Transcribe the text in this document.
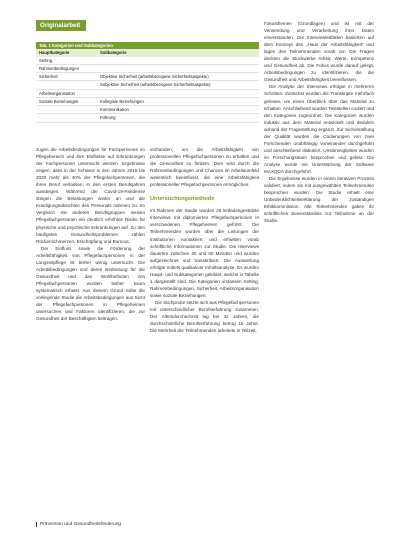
Originalarbeit
Tab. 1 Kategorien und Subkategorien
Hauptkategorie	Subkategorie
Setting	
Rahmenbedingungen	
Sicherheit	Objektive Sicherheit (arbeitsbezogene Sicherheitsaspekte)
	Subjektive Sicherheit (arbeitsbezogene Sicherheitsaspekte)
Arbeitsorganisation	
Soziale Beziehungen	Kollegiale Beziehungen
	Kommunikation
	Führung

zugen die Arbeitsbedingungen für Fachpersonen im Pflegebereich und ihre Einflüsse auf Erkrankungen der Fachpersonen untersucht werden. Ergebnisse zeigen, dass in der Schweiz in den Jahren 2015 bis 2020 mehr als 40% der Pflegefachpersonen, die ihren Beruf verlassen, in den ersten Berufsjahren aussteigen. Während der Covid-19-Pandemie stiegen die Belastungen weiter an und die Kündigungsabsichten des Personals nahmen zu. Im Vergleich mit anderen Berufsgruppen weisen Pflegefachpersonen ein deutlich erhöhtes Risiko für physische und psychische Erkrankungen auf. Zu den häufigsten Gesundheitsproblemen zählen Rückenschmerzen, Erschöpfung und Burnout.

Der Einfluss sowie die Förderung der Arbeitsfähigkeit von Pflegefachpersonen in der Langzeitpflege ist bisher wenig untersucht. Die Arbeitsbedingungen und deren Bedeutung für die Gesundheit und das Wohlbefinden von Pflegefachpersonen wurden bisher kaum systematisch erfasst. Aus diesem Grund sollte die vorliegende Studie die Arbeitsbedingungen aus Sicht der Pflegefachpersonen in Pflegeheimen untersuchen und Faktoren identifizieren, die zur Gesundheit der Beschäftigten beitragen.

vorhanden, um die Arbeitsfähigkeit von professionellen Pflegefachpersonen zu erhalten und die Gesundheit zu fördern. Dies wird durch die Rahmenbedingungen und Chancen im Arbeitsumfeld wesentlich beeinflusst, die eine Arbeitsfähigkeit professioneller Pflegefachpersonen ermöglichen.

Untersuchungsmethode

Im Rahmen der Studie wurden 25 leitfadengestützte Interviews mit diplomierten Pflegefachpersonen in verschiedenen Pflegeheimen geführt. Die Teilnehmenden wurden über die Leitungen der Institutionen kontaktiert und erhielten vorab schriftliche Informationen zur Studie. Die Interviews dauerten zwischen 30 und 60 Minuten und wurden aufgezeichnet und transkribiert. Die Auswertung erfolgte mittels qualitativer Inhaltsanalyse. Es wurden Haupt- und Subkategorien gebildet, welche in Tabelle 1 dargestellt sind. Die Kategorien umfassen Setting, Rahmenbedingungen, Sicherheit, Arbeitsorganisation sowie soziale Beziehungen.

Die Stichprobe setzte sich aus Pflegefachpersonen mit unterschiedlicher Berufserfahrung zusammen. Der Altersdurchschnitt lag bei 42 Jahren, die durchschnittliche Berufserfahrung betrug 15 Jahre. Die Mehrheit der Teilnehmenden arbeitete in Teilzeit.

Fokusthemen (Grundlagen) und ist mit der Verwendung und Verarbeitung ihrer Daten einverstanden. Die Interviewleitfäden basierten auf dem Konzept des „Haus der Arbeitsfähigkeit“ und lagen den Teilnehmenden vorab vor. Die Fragen deckten die Stockwerke Arbeit, Werte, Kompetenz und Gesundheit ab. Die Fokus wurde darauf gelegt, Arbeitsbedingungen zu identifizieren, die die Gesundheit und Arbeitsfähigkeit beeinflussen.

Die Analyse der Interviews erfolgte in mehreren Schritten. Zunächst wurden die Transkripte mehrfach gelesen, um einen Überblick über das Material zu erhalten. Anschließend wurden Textstellen codiert und den Kategorien zugeordnet. Die Kategorien wurden induktiv aus dem Material entwickelt und deduktiv anhand der Fragestellung ergänzt. Zur Sicherstellung der Qualität wurden die Codierungen von zwei Forschenden unabhängig voneinander durchgeführt und anschließend diskutiert. Unstimmigkeiten wurden im Forschungsteam besprochen und gelöst. Die Analyse wurde mit Unterstützung der Software MAXQDA durchgeführt.

Die Ergebnisse wurden in einem iterativen Prozess validiert, indem sie mit ausgewählten Teilnehmenden besprochen wurden. Die Studie erhielt eine Unbedenklichkeitserklärung der zuständigen Ethikkommission. Alle Teilnehmenden gaben ihr schriftliches Einverständnis zur Teilnahme an der Studie.

Prävention und Gesundheitsförderung
